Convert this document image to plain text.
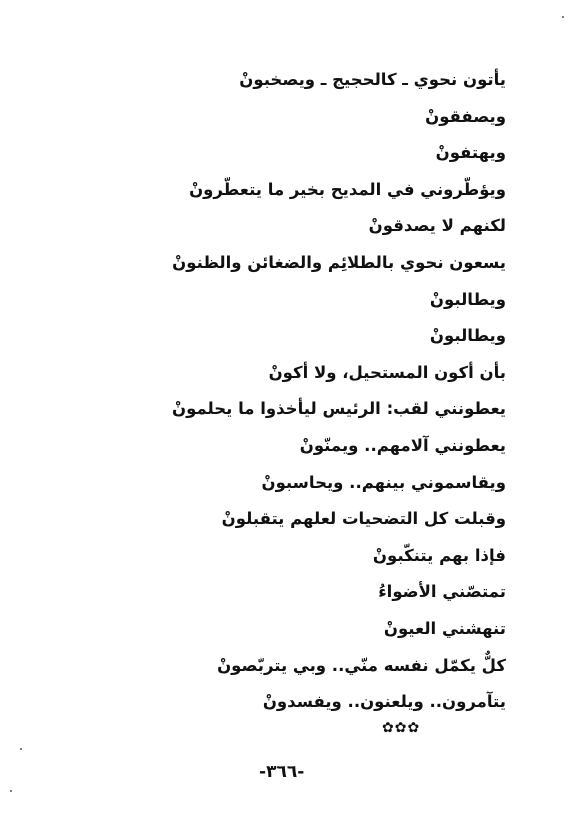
يأتون نحوي ـ كالحجيج ـ ويصخبونْ
ويصفقونْ
ويهتفونْ
ويؤطّروني في المديح بخير ما يتعطّرونْ
لكنهم لا يصدقونْ
يسعون نحوي بالطلائِم والضغائن والظنونْ
ويطالبونْ
ويطالبونْ
بأن أكون المستحيل، ولا أكونْ
يعطونني لقب: الرئيس ليأخذوا ما يحلمونْ
يعطونني آلامهم.. ويمنّونْ
ويقاسموني بينهم.. ويحاسبونْ
وقبلت كل التضحيات لعلهم يتقبلونْ
فإذا بهم يتنكّبونْ
تمتصّني الأضواءُ
تنهشني العيونْ
كلٌّ يكمّل نفسه منّي.. وبي يتربّصونْ
يتآمرون.. ويلعنون.. ويفسدونْ
✿✿✿
-٣٦٦-
